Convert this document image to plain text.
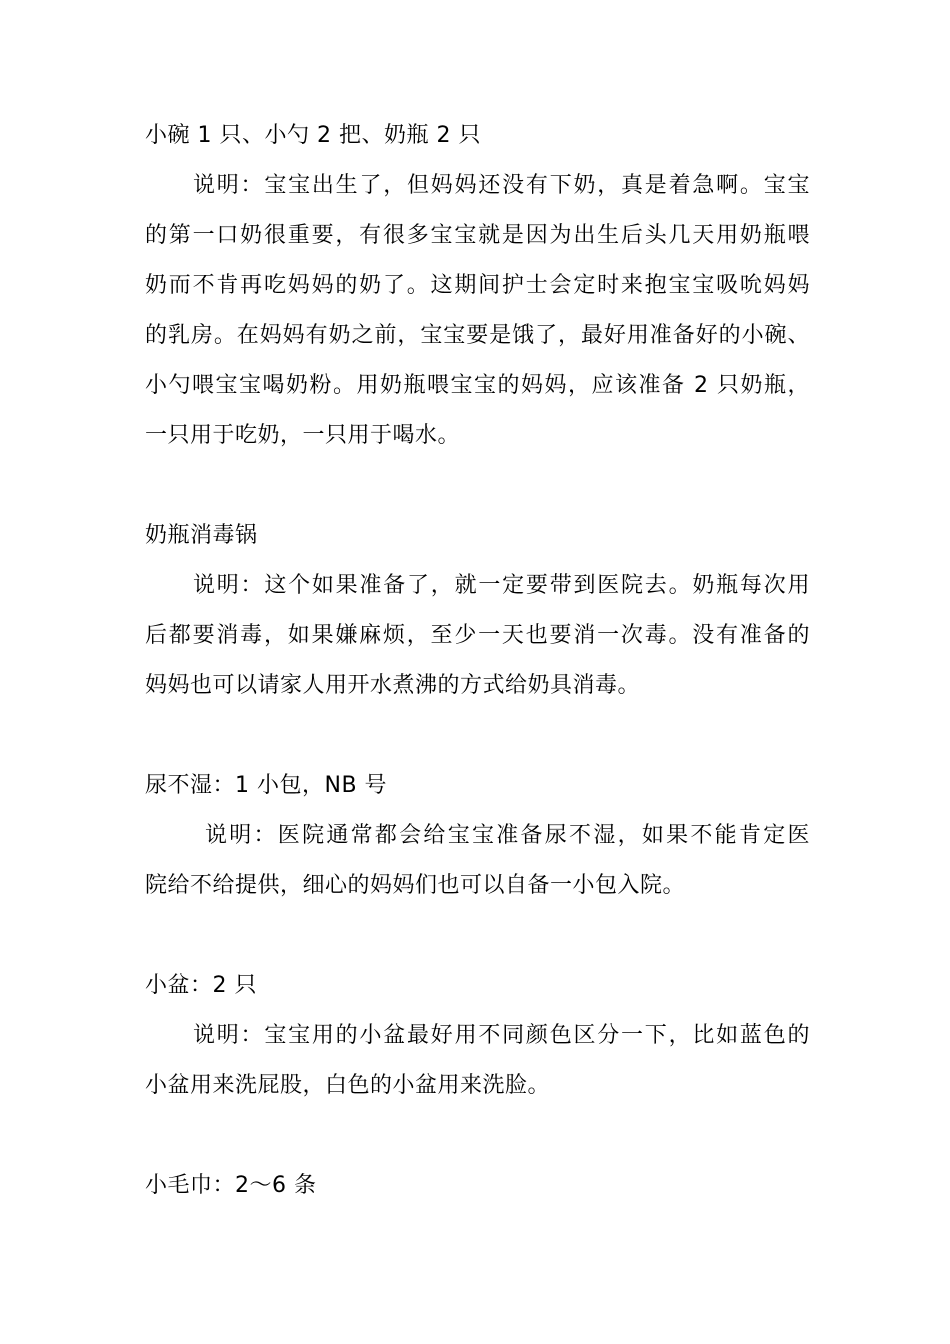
小碗 1 只、小勺 2 把、奶瓶 2 只
说明：宝宝出生了，但妈妈还没有下奶，真是着急啊。宝宝
的第一口奶很重要，有很多宝宝就是因为出生后头几天用奶瓶喂
奶而不肯再吃妈妈的奶了。这期间护士会定时来抱宝宝吸吮妈妈
的乳房。在妈妈有奶之前，宝宝要是饿了，最好用准备好的小碗、
小勺喂宝宝喝奶粉。用奶瓶喂宝宝的妈妈，应该准备 2 只奶瓶，
一只用于吃奶，一只用于喝水。
奶瓶消毒锅
说明：这个如果准备了，就一定要带到医院去。奶瓶每次用
后都要消毒，如果嫌麻烦，至少一天也要消一次毒。没有准备的
妈妈也可以请家人用开水煮沸的方式给奶具消毒。
尿不湿：1 小包，NB 号
说明：医院通常都会给宝宝准备尿不湿，如果不能肯定医
院给不给提供，细心的妈妈们也可以自备一小包入院。
小盆：2 只
说明：宝宝用的小盆最好用不同颜色区分一下，比如蓝色的
小盆用来洗屁股，白色的小盆用来洗脸。
小毛巾：2～6 条
